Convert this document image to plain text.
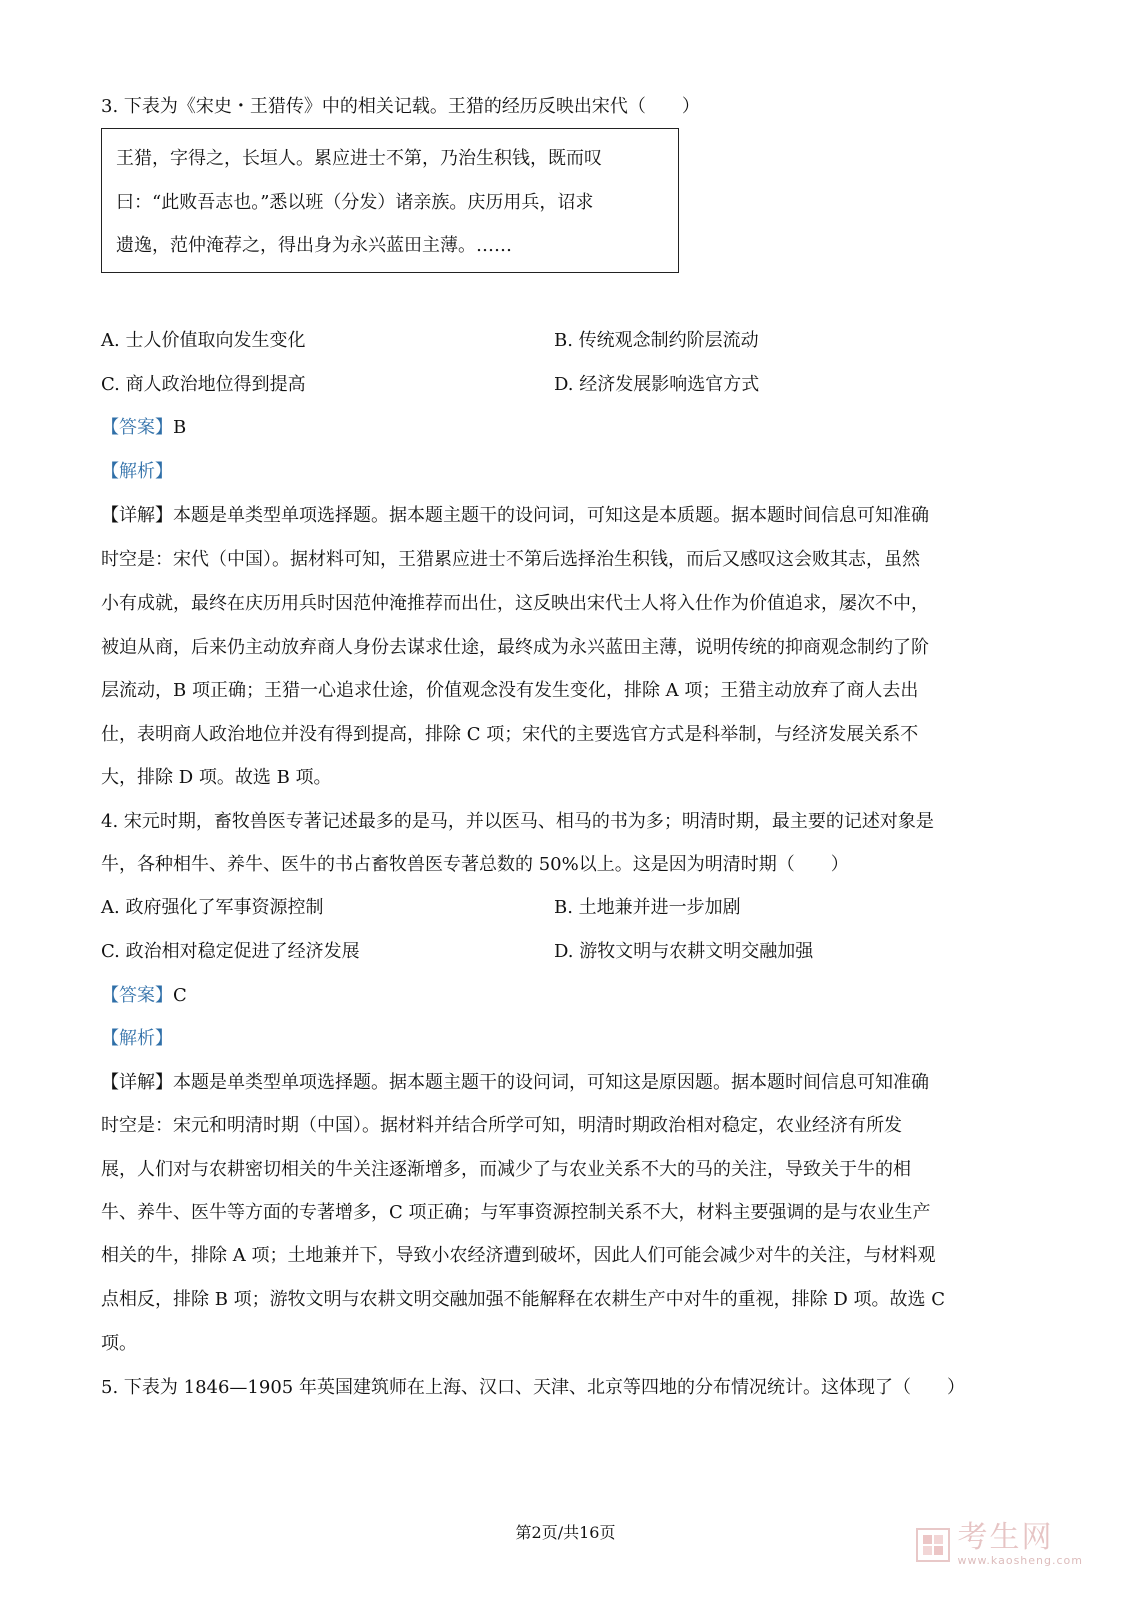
3. 下表为《宋史・王猎传》中的相关记载。王猎的经历反映出宋代（　　）
王猎，字得之，长垣人。累应进士不第，乃治生积钱，既而叹
曰：“此败吾志也。”悉以班（分发）诸亲族。庆历用兵，诏求
遗逸，范仲淹荐之，得出身为永兴蓝田主薄。……
A. 士人价值取向发生变化	B. 传统观念制约阶层流动
C. 商人政治地位得到提高	D. 经济发展影响选官方式
【答案】B
【解析】
【详解】本题是单类型单项选择题。据本题主题干的设问词，可知这是本质题。据本题时间信息可知准确
时空是：宋代（中国）。据材料可知，王猎累应进士不第后选择治生积钱，而后又感叹这会败其志，虽然
小有成就，最终在庆历用兵时因范仲淹推荐而出仕，这反映出宋代士人将入仕作为价值追求，屡次不中，
被迫从商，后来仍主动放弃商人身份去谋求仕途，最终成为永兴蓝田主薄，说明传统的抑商观念制约了阶
层流动，B 项正确；王猎一心追求仕途，价值观念没有发生变化，排除 A 项；王猎主动放弃了商人去出
仕，表明商人政治地位并没有得到提高，排除 C 项；宋代的主要选官方式是科举制，与经济发展关系不
大，排除 D 项。故选 B 项。
4. 宋元时期，畜牧兽医专著记述最多的是马，并以医马、相马的书为多；明清时期，最主要的记述对象是
牛，各种相牛、养牛、医牛的书占畜牧兽医专著总数的 50%以上。这是因为明清时期（　　）
A. 政府强化了军事资源控制	B. 土地兼并进一步加剧
C. 政治相对稳定促进了经济发展	D. 游牧文明与农耕文明交融加强
【答案】C
【解析】
【详解】本题是单类型单项选择题。据本题主题干的设问词，可知这是原因题。据本题时间信息可知准确
时空是：宋元和明清时期（中国）。据材料并结合所学可知，明清时期政治相对稳定，农业经济有所发
展，人们对与农耕密切相关的牛关注逐渐增多，而减少了与农业关系不大的马的关注，导致关于牛的相
牛、养牛、医牛等方面的专著增多，C 项正确；与军事资源控制关系不大，材料主要强调的是与农业生产
相关的牛，排除 A 项；土地兼并下，导致小农经济遭到破坏，因此人们可能会减少对牛的关注，与材料观
点相反，排除 B 项；游牧文明与农耕文明交融加强不能解释在农耕生产中对牛的重视，排除 D 项。故选 C
项。
5. 下表为 1846—1905 年英国建筑师在上海、汉口、天津、北京等四地的分布情况统计。这体现了（　　）
第2页/共16页	考生网
www.kaosheng.com
